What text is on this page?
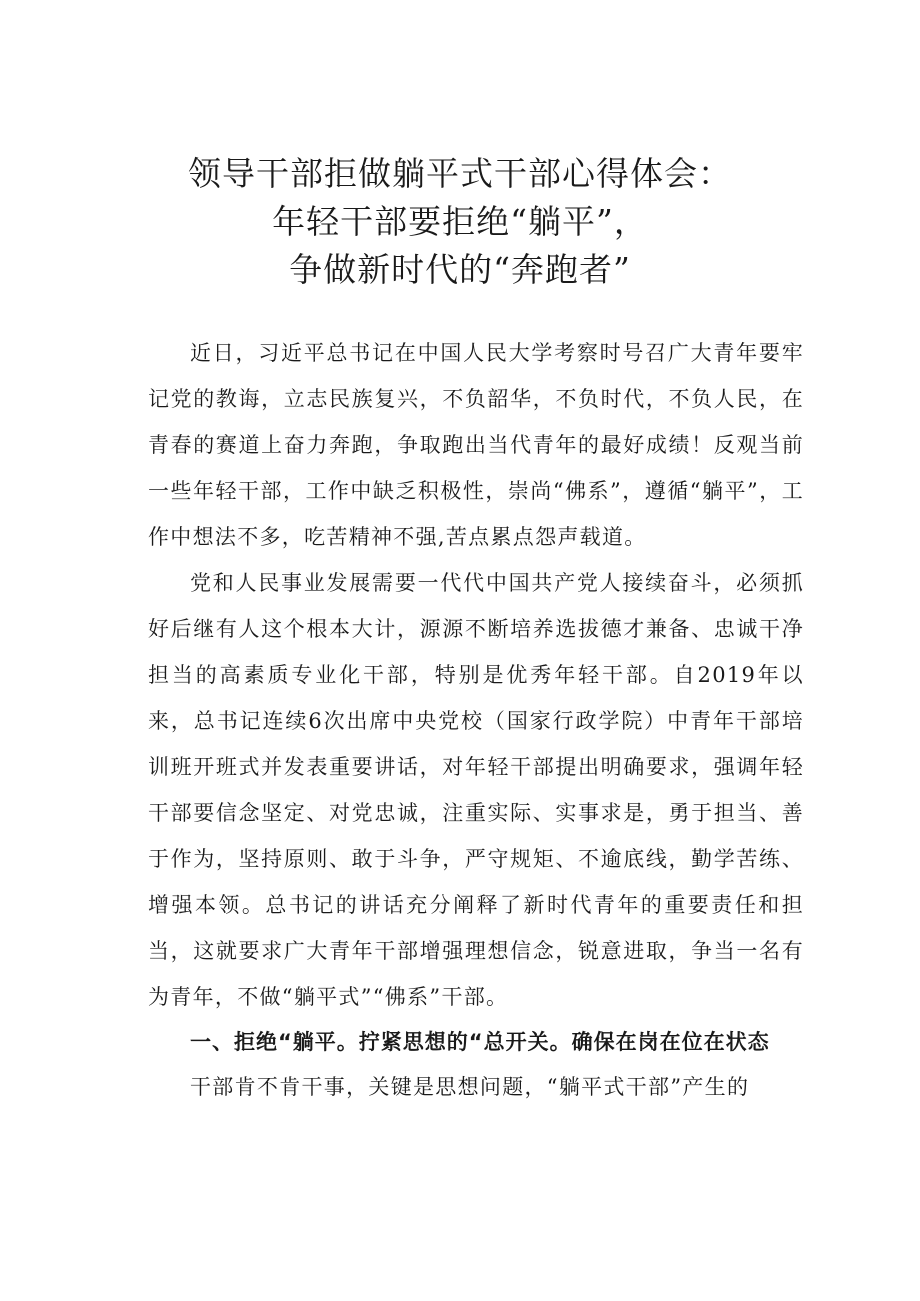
领导干部拒做躺平式干部心得体会：
年轻干部要拒绝“躺平”，
争做新时代的“奔跑者”

近日，习近平总书记在中国人民大学考察时号召广大青年要牢记党的教诲，立志民族复兴，不负韶华，不负时代，不负人民，在青春的赛道上奋力奔跑，争取跑出当代青年的最好成绩！反观当前一些年轻干部，工作中缺乏积极性，崇尚“佛系”，遵循“躺平”，工作中想法不多，吃苦精神不强,苦点累点怨声载道。

党和人民事业发展需要一代代中国共产党人接续奋斗，必须抓好后继有人这个根本大计，源源不断培养选拔德才兼备、忠诚干净担当的高素质专业化干部，特别是优秀年轻干部。自2019年以来，总书记连续6次出席中央党校（国家行政学院）中青年干部培训班开班式并发表重要讲话，对年轻干部提出明确要求，强调年轻干部要信念坚定、对党忠诚，注重实际、实事求是，勇于担当、善于作为，坚持原则、敢于斗争，严守规矩、不逾底线，勤学苦练、增强本领。总书记的讲话充分阐释了新时代青年的重要责任和担当，这就要求广大青年干部增强理想信念，锐意进取，争当一名有为青年，不做“躺平式”“佛系”干部。

一、拒绝“躺平。拧紧思想的“总开关。确保在岗在位在状态

干部肯不肯干事，关键是思想问题，“躺平式干部”产生的
